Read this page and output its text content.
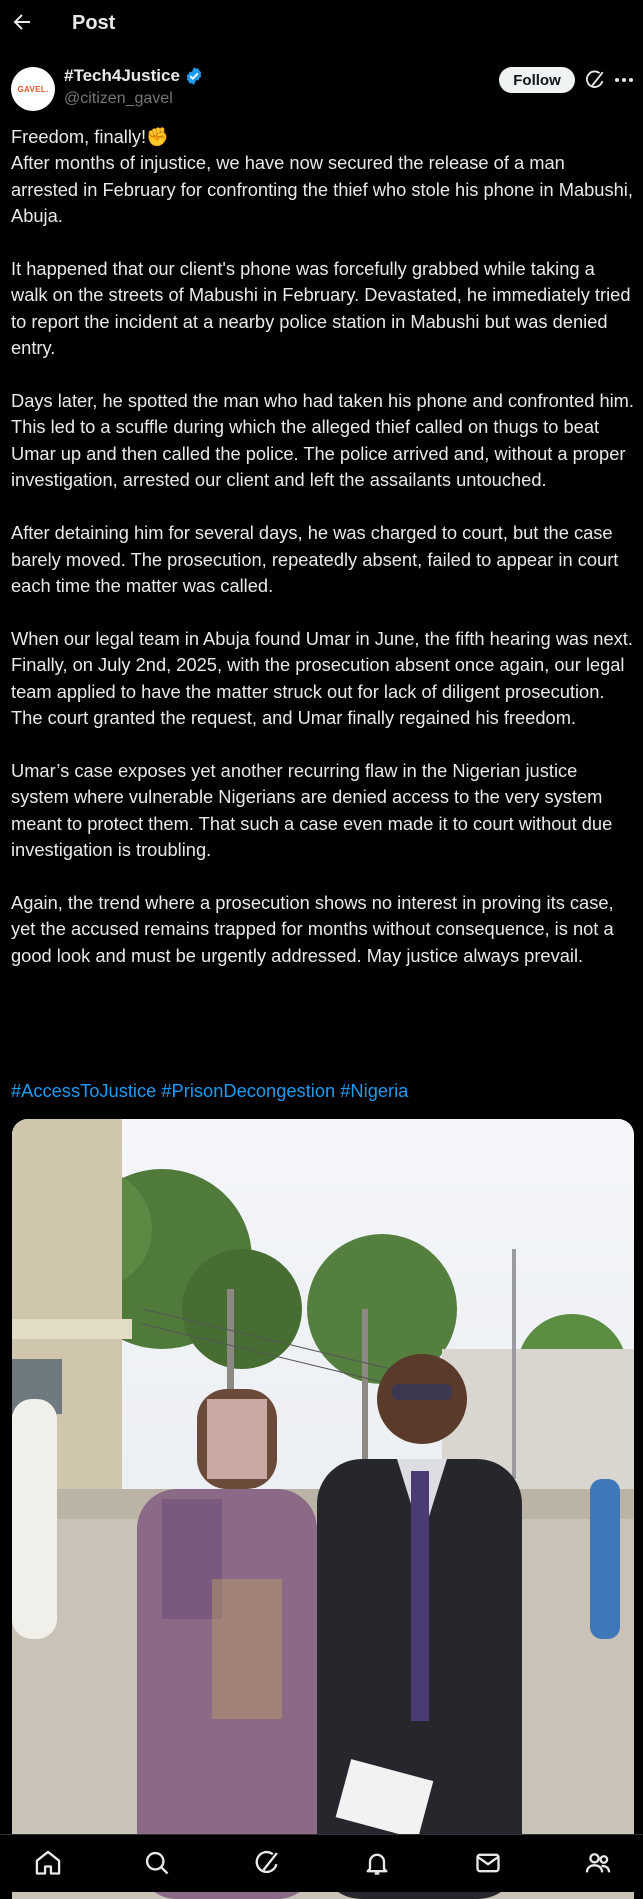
Post
GAVEL.
#Tech4Justice
@citizen_gavel
Follow
Freedom, finally!✊
After months of injustice, we have now secured the release of a man arrested in February for confronting the thief who stole his phone in Mabushi, Abuja.

It happened that our client's phone was forcefully grabbed while taking a walk on the streets of Mabushi in February. Devastated, he immediately tried to report the incident at a nearby police station in Mabushi but was denied entry.

Days later, he spotted the man who had taken his phone and confronted him. This led to a scuffle during which the alleged thief called on thugs to beat Umar up and then called the police. The police arrived and, without a proper investigation, arrested our client and left the assailants untouched.

After detaining him for several days, he was charged to court, but the case barely moved. The prosecution, repeatedly absent, failed to appear in court each time the matter was called.

When our legal team in Abuja found Umar in June, the fifth hearing was next. Finally, on July 2nd, 2025, with the prosecution absent once again, our legal team applied to have the matter struck out for lack of diligent prosecution. The court granted the request, and Umar finally regained his freedom.

Umar’s case exposes yet another recurring flaw in the Nigerian justice system where vulnerable Nigerians are denied access to the very system meant to protect them. That such a case even made it to court without due investigation is troubling.

Again, the trend where a prosecution shows no interest in proving its case, yet the accused remains trapped for months without consequence, is not a good look and must be urgently addressed. May justice always prevail.
#AccessToJustice #PrisonDecongestion #Nigeria
